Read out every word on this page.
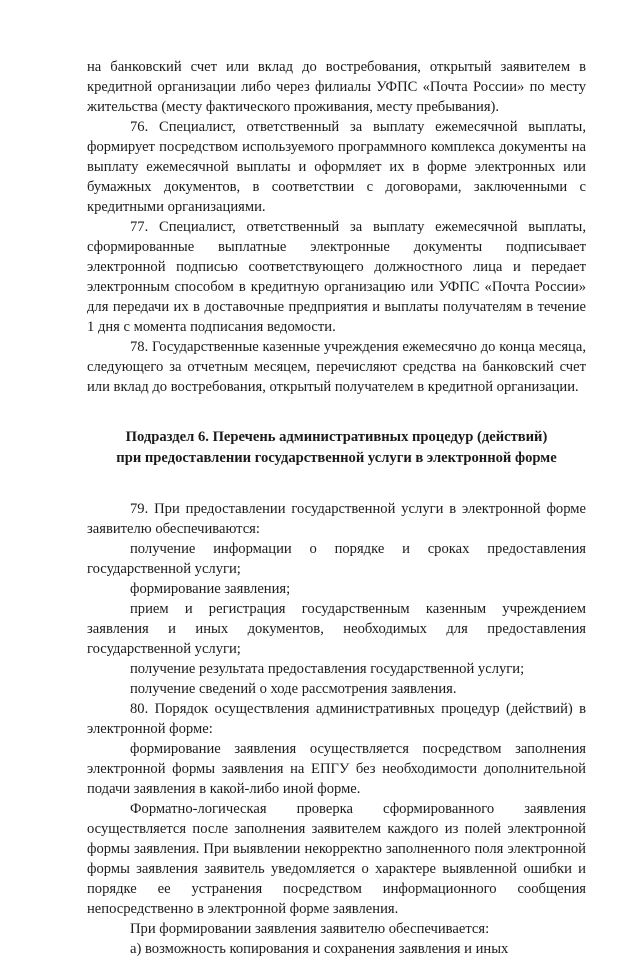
на банковский счет или вклад до востребования, открытый заявителем в кредитной организации либо через филиалы УФПС «Почта России» по месту жительства (месту фактического проживания, месту пребывания).

76. Специалист, ответственный за выплату ежемесячной выплаты, формирует посредством используемого программного комплекса документы на выплату ежемесячной выплаты и оформляет их в форме электронных или бумажных документов, в соответствии с договорами, заключенными с кредитными организациями.

77. Специалист, ответственный за выплату ежемесячной выплаты, сформированные выплатные электронные документы подписывает электронной подписью соответствующего должностного лица и передает электронным способом в кредитную организацию или УФПС «Почта России» для передачи их в доставочные предприятия и выплаты получателям в течение 1 дня с момента подписания ведомости.

78. Государственные казенные учреждения ежемесячно до конца месяца, следующего за отчетным месяцем, перечисляют средства на банковский счет или вклад до востребования, открытый получателем в кредитной организации.

Подраздел 6. Перечень административных процедур (действий)
при предоставлении государственной услуги в электронной форме

79. При предоставлении государственной услуги в электронной форме заявителю обеспечиваются:

получение информации о порядке и сроках предоставления государственной услуги;

формирование заявления;

прием и регистрация государственным казенным учреждением заявления и иных документов, необходимых для предоставления государственной услуги;

получение результата предоставления государственной услуги;

получение сведений о ходе рассмотрения заявления.

80. Порядок осуществления административных процедур (действий) в электронной форме:

формирование заявления осуществляется посредством заполнения электронной формы заявления на ЕПГУ без необходимости дополнительной подачи заявления в какой-либо иной форме.

Форматно-логическая проверка сформированного заявления осуществляется после заполнения заявителем каждого из полей электронной формы заявления. При выявлении некорректно заполненного поля электронной формы заявления заявитель уведомляется о характере выявленной ошибки и порядке ее устранения посредством информационного сообщения непосредственно в электронной форме заявления.

При формировании заявления заявителю обеспечивается:

а) возможность копирования и сохранения заявления и иных
